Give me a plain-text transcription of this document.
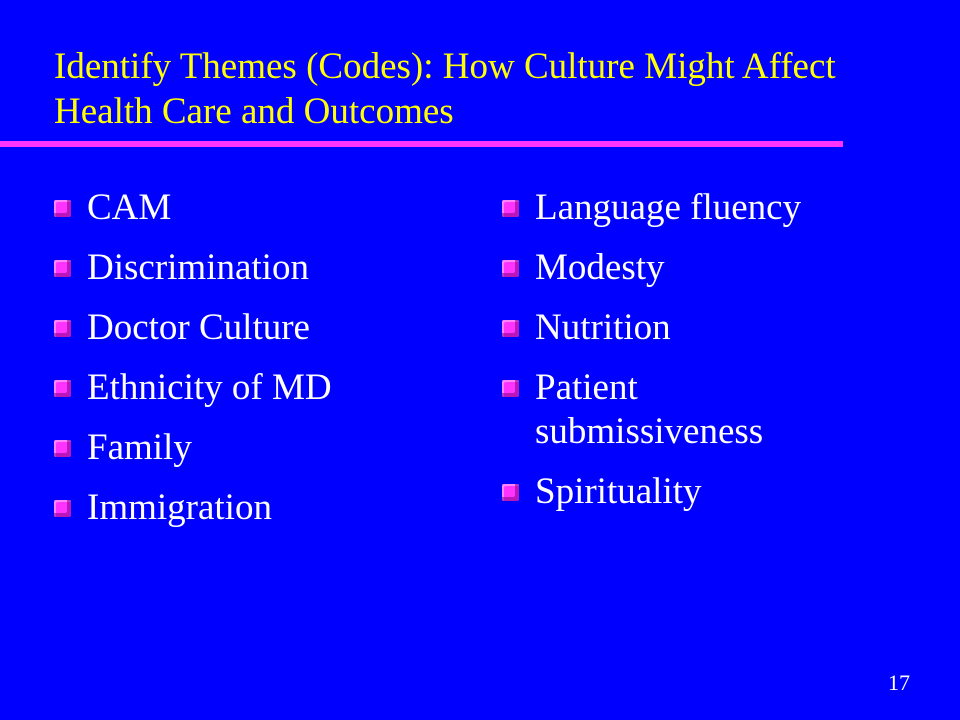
Identify Themes (Codes): How Culture Might Affect Health Care and Outcomes
CAM
Discrimination
Doctor Culture
Ethnicity of MD
Family
Immigration
Language fluency
Modesty
Nutrition
Patient submissiveness
Spirituality
17
